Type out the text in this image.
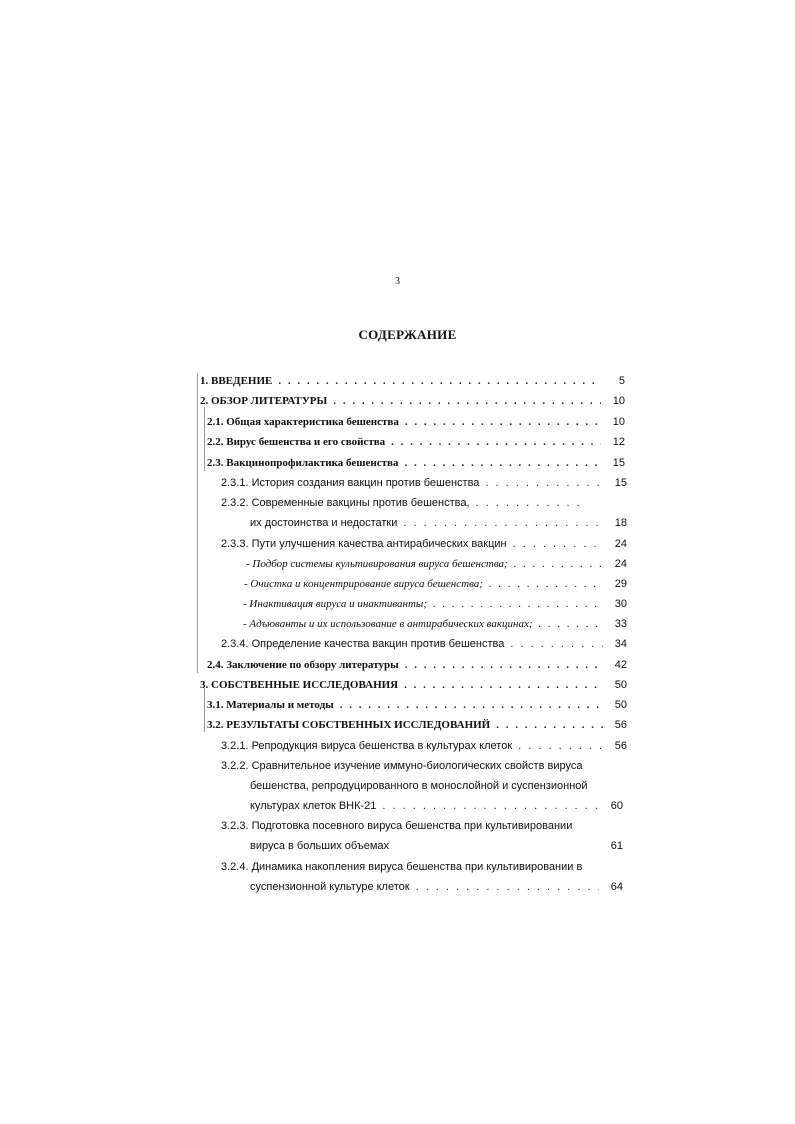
3
СОДЕРЖАНИЕ
1. ВВЕДЕНИЕ . . .	5
2. ОБЗОР ЛИТЕРАТУРЫ . . .	10
2.1. Общая характеристика бешенства . . .	10
2.2. Вирус бешенства и его свойства . . .	12
2.3. Вакцинопрофилактика бешенства . . .	15
2.3.1. История создания вакцин против бешенства . . .	15
2.3.2. Современные вакцины против бешенства,
. . .
их достоинства и недостатки . . .	18
2.3.3. Пути улучшения качества антирабических вакцин . . .	24
- Подбор системы культивирования вируса бешенства; . . .	24
- Очистка и концентрирование вируса бешенства; . . .	29
- Инактивация вируса и инактиванты; . . .	30
- Адъюванты и их использование в антирабических вакцинах; . . .	33
2.3.4. Определение качества вакцин против бешенства . . .	34
2.4. Заключение по обзору литературы . . .	42
3. СОБСТВЕННЫЕ ИССЛЕДОВАНИЯ . . .	50
3.1. Материалы и методы . . .	50
3.2. РЕЗУЛЬТАТЫ СОБСТВЕННЫХ ИССЛЕДОВАНИЙ . . .	56
3.2.1. Репродукция вируса бешенства в культурах клеток . . .	56
3.2.2. Сравнительное изучение иммуно-биологических свойств вируса
бешенства, репродуцированного в монослойной и суспензионной
культурах клеток ВНК-21 . . .	60
3.2.3. Подготовка посевного вируса бешенства при культивировании
вируса в больших объемах	61
3.2.4. Динамика накопления вируса бешенства при культивировании в
суспензионной культуре клеток . . .	64
